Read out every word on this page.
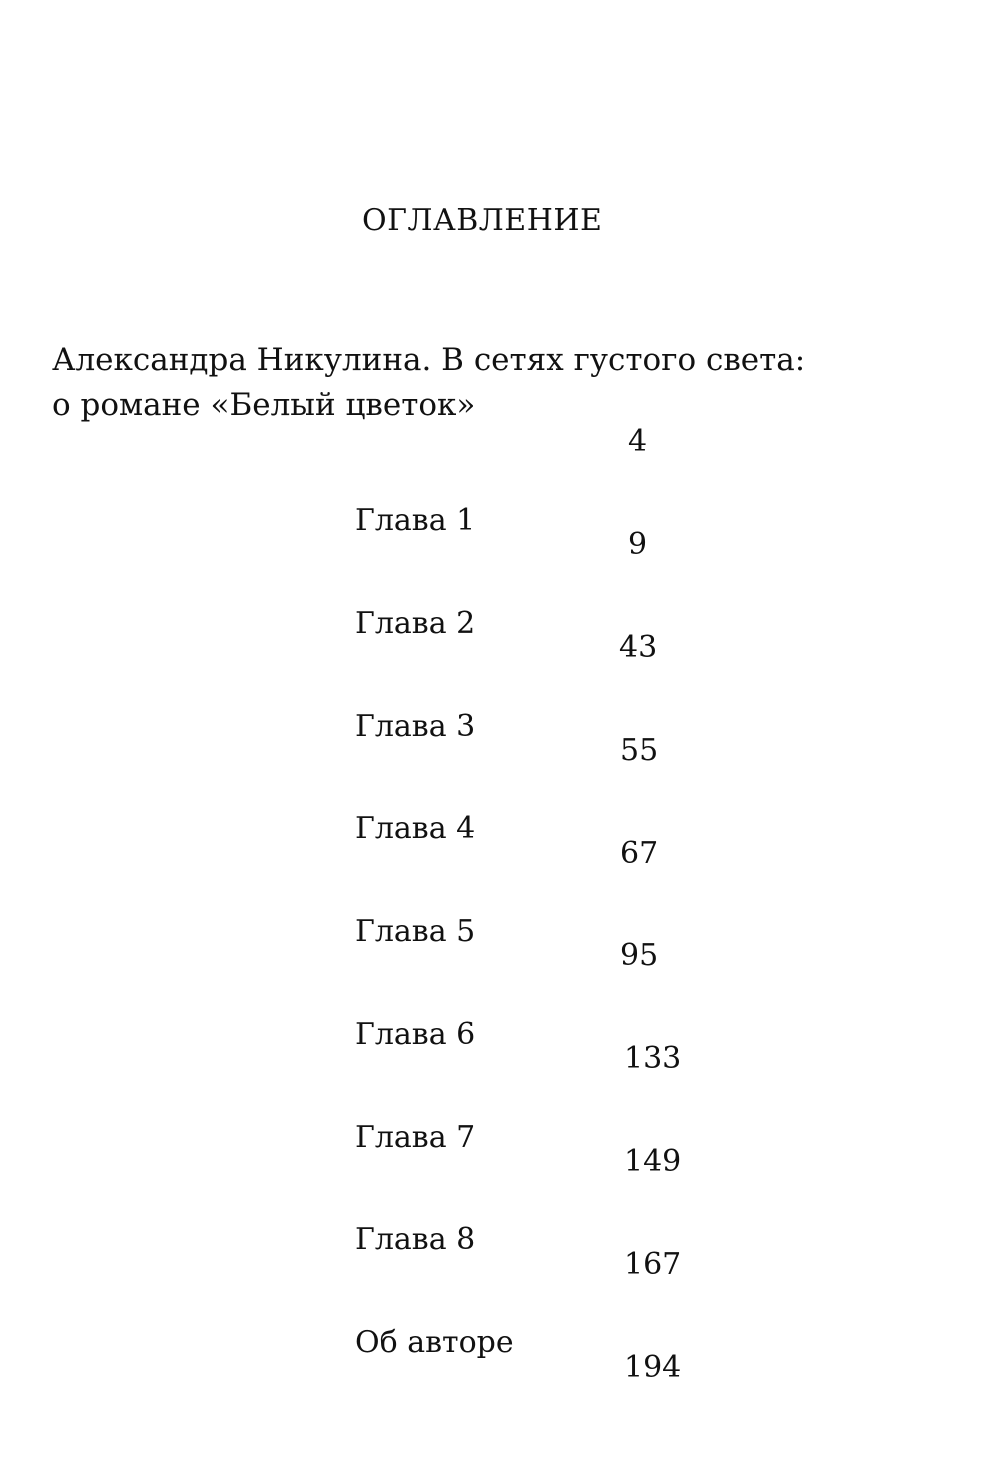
ОГЛАВЛЕНИЕ
Александра Никулина. В сетях густого света:
о романе «Белый цветок»
4
Глава 1
9
Глава 2
43
Глава 3
55
Глава 4
67
Глава 5
95
Глава 6
133
Глава 7
149
Глава 8
167
Об авторе
194
